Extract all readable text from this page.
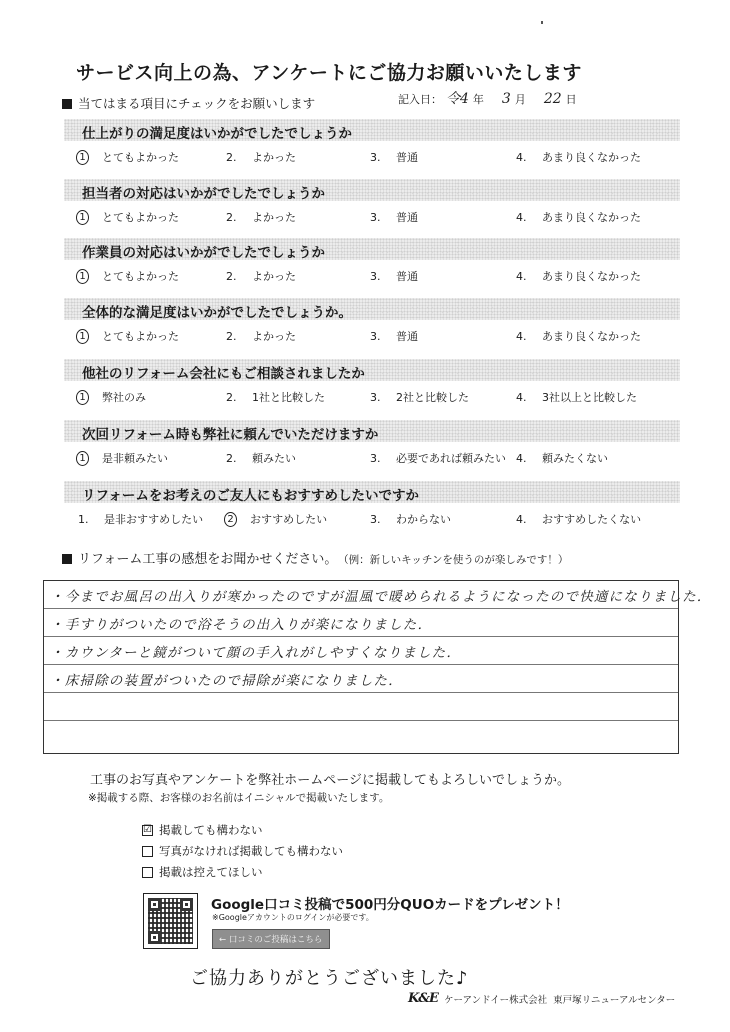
サービス向上の為、アンケートにご協力お願いいたします
当てはまる項目にチェックをお願いします	記入日： 令4 年 3 月 22 日
仕上がりの満足度はいかがでしたでしょうか
1	とてもよかった	2.	よかった	3.	普通	4.	あまり良くなかった
担当者の対応はいかがでしたでしょうか
1	とてもよかった	2.	よかった	3.	普通	4.	あまり良くなかった
作業員の対応はいかがでしたでしょうか
1	とてもよかった	2.	よかった	3.	普通	4.	あまり良くなかった
全体的な満足度はいかがでしたでしょうか。
1	とてもよかった	2.	よかった	3.	普通	4.	あまり良くなかった
他社のリフォーム会社にもご相談されましたか
1	弊社のみ	2.	1社と比較した	3.	2社と比較した	4.	3社以上と比較した
次回リフォーム時も弊社に頼んでいただけますか
1	是非頼みたい	2.	頼みたい	3.	必要であれば頼みたい 4.	頼みたくない
リフォームをお考えのご友人にもおすすめしたいですか
1.	是非おすすめしたい	2	おすすめしたい	3.	わからない	4.	おすすめしたくない
リフォーム工事の感想をお聞かせください。 （例：新しいキッチンを使うのが楽しみです！）
・今までお風呂の出入りが寒かったのですが温風で暖められるようになったので快適になりました．
・手すりがついたので浴そうの出入りが楽になりました．
・カウンターと鏡がついて顔の手入れがしやすくなりました．
・床掃除の装置がついたので掃除が楽になりました．
工事のお写真やアンケートを弊社ホームページに掲載してもよろしいでしょうか。
※掲載する際、お客様のお名前はイニシャルで掲載いたします。
☑ 掲載しても構わない
写真がなければ掲載しても構わない
掲載は控えてほしい
Google口コミ投稿で500円分QUOカードをプレゼント！
※Googleアカウントのログインが必要です。
← 口コミのご投稿はこちら
ご協力ありがとうございました♪
K&E ケーアンドイー株式会社 東戸塚リニューアルセンター
